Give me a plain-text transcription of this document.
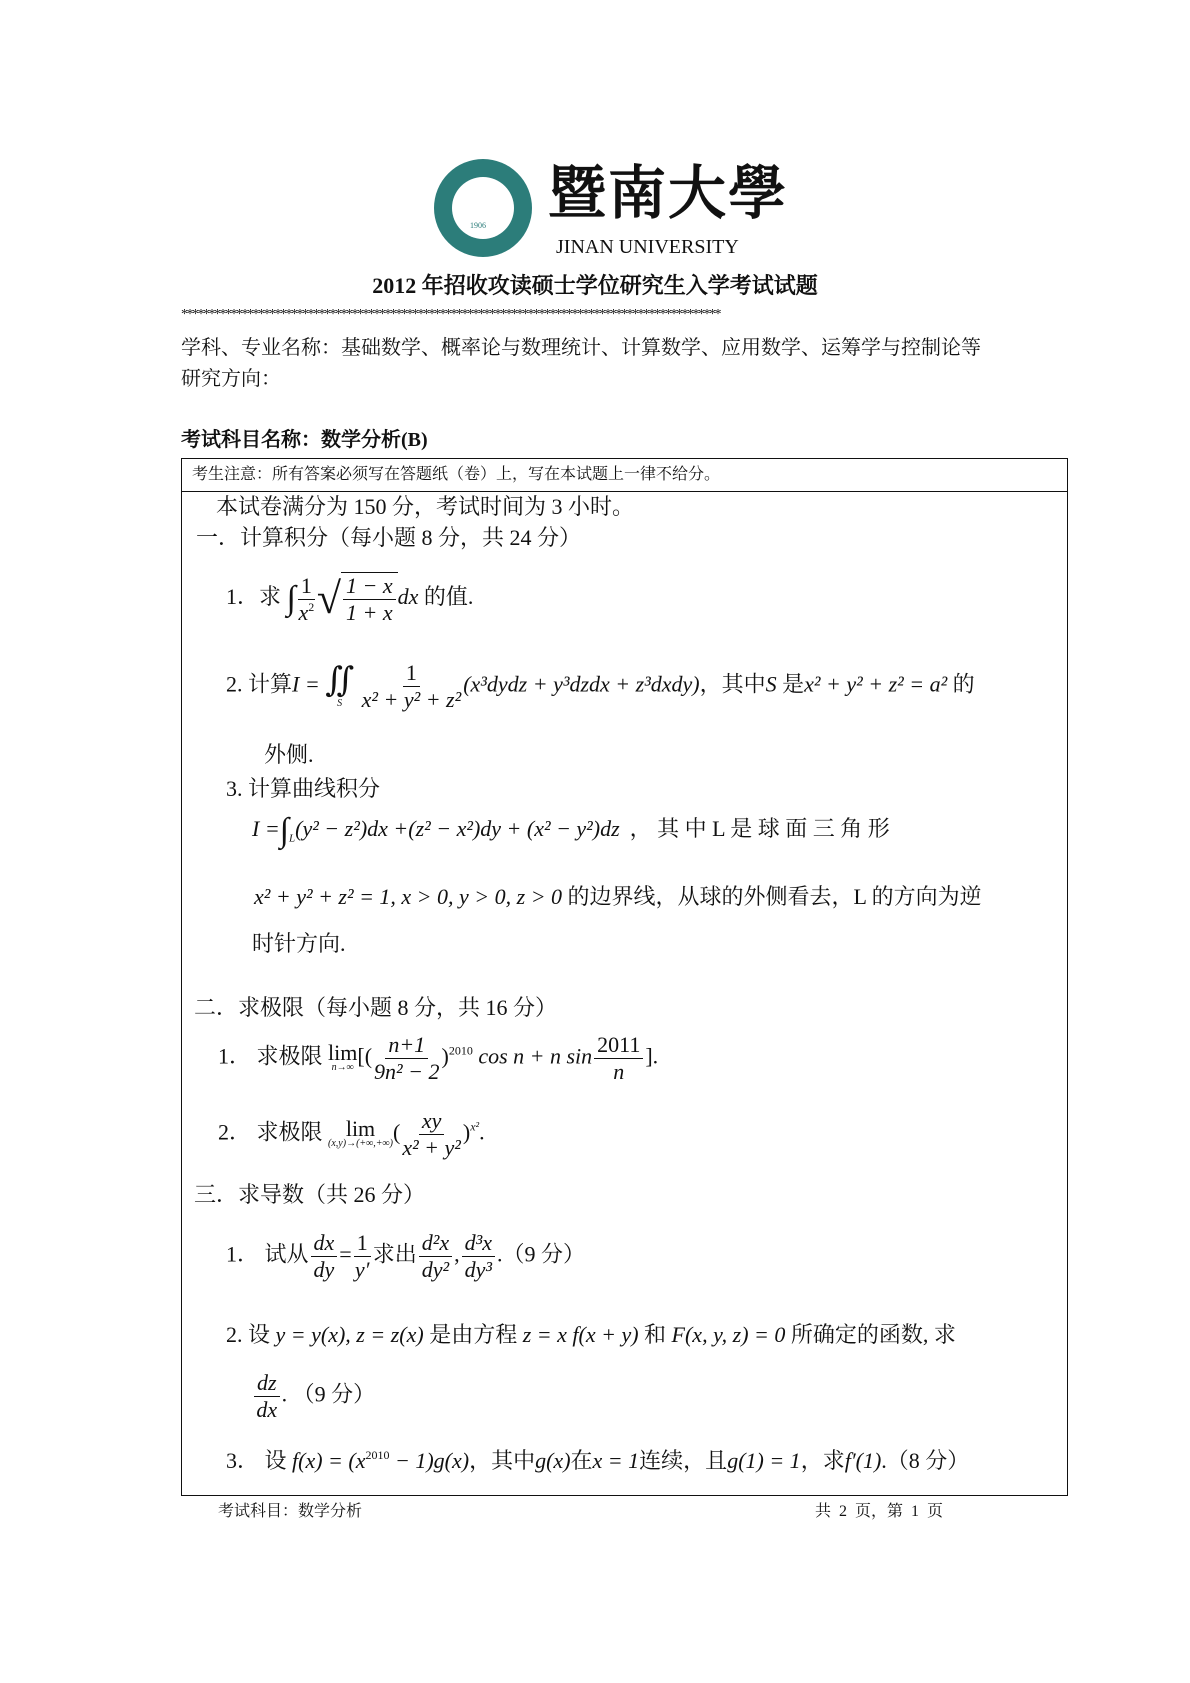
1906 暨南大學
JINAN UNIVERSITY
2012 年招收攻读硕士学位研究生入学考试试题
**************************************************************************************************
学科、专业名称：基础数学、概率论与数理统计、计算数学、应用数学、运筹学与控制论等
研究方向：
考试科目名称：数学分析(B)
考生注意：所有答案必须写在答题纸（卷）上，写在本试题上一律不给分。
本试卷满分为 150 分，考试时间为 3 小时。
一．计算积分（每小题 8 分，共 24 分）
1．求 ∫ $\frac{1}{x^2}$ √ $\frac{1 - x}{1 + x}$ dx 的值.
2. 计算I = ∬
S
$\frac{1}{\text{x² + y² + z²}}$ (x³dydz + y³dzdx + z³dxdy)，其中S 是x² + y² + z² = a² 的
外侧.
3. 计算曲线积分
$I =\int_L(y^2 - z^2)dx +(z^2 - x^2)dy + (x^2 - y^2)dz$ ， 其 中 L 是 球 面 三 角 形
x² + y² + z² = 1, x > 0, y > 0, z > 0 的边界线，从球的外侧看去，L 的方向为逆
时针方向.
二．求极限（每小题 8 分，共 16 分）
1． 求极限 lim
n→∞ [( $\frac{n+1}{\text{9n² − 2}} )^{2010}$ cos n + n $\sin \frac{2011}{n}$ ].
2． 求极限 lim
(x,y)→(+∞,+∞) ( $\frac{xy}{\text{x² + y²}} )^{x^2}$.
三．求导数（共 26 分）
1． 试从 $\frac{dx}{dy} = \frac{1}{y'}$ 求出 $\frac{\text{d²x}}{\text{dy²}}$ , $\frac{\text{d³x}}{\text{dy³}} .(9$ 分）
2. 设 y = y(x), z = z(x) 是由方程 z = x f(x + y) 和 F(x, y, z) = 0 所确定的函数, 求
$\frac{dz}{dx}$ . （9 分）
3． 设 $f(x) = (x^{2010} - 1)g(x)$，其中g(x)在x = 1连续，且g(1) = 1，求f′(1).（8 分）
考试科目：数学分析	共  2  页，第  1  页
